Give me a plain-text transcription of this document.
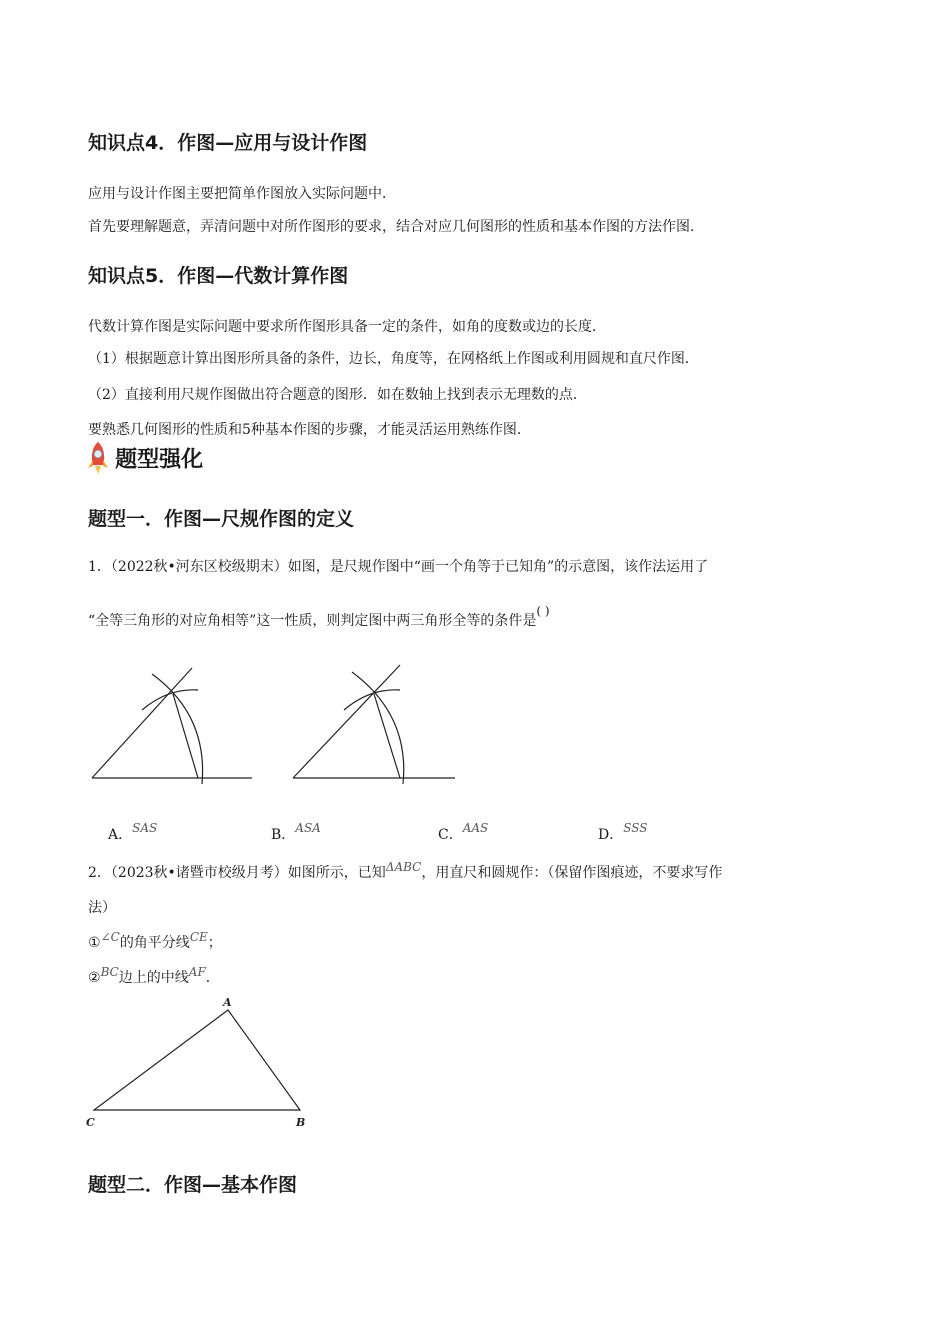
知识点4．作图—应用与设计作图
应用与设计作图主要把简单作图放入实际问题中．
首先要理解题意，弄清问题中对所作图形的要求，结合对应几何图形的性质和基本作图的方法作图．
知识点5．作图—代数计算作图
代数计算作图是实际问题中要求所作图形具备一定的条件，如角的度数或边的长度．
（1）根据题意计算出图形所具备的条件，边长，角度等，在网格纸上作图或利用圆规和直尺作图．
（2）直接利用尺规作图做出符合题意的图形．如在数轴上找到表示无理数的点．
要熟悉几何图形的性质和5种基本作图的步骤，才能灵活运用熟练作图．
题型强化
题型一．作图—尺规作图的定义
1．（2022秋•河东区校级期末）如图，是尺规作图中“画一个角等于已知角”的示意图，该作法运用了
“全等三角形的对应角相等”这一性质，则判定图中两三角形全等的条件是( )
A．SAS	B．ASA	C．AAS	D．SSS
2．（2023秋•诸暨市校级月考）如图所示，已知ΔABC，用直尺和圆规作：（保留作图痕迹，不要求写作
法）
①∠C的角平分线CE；
②BC边上的中线AF．
A
B
C
题型二．作图—基本作图
